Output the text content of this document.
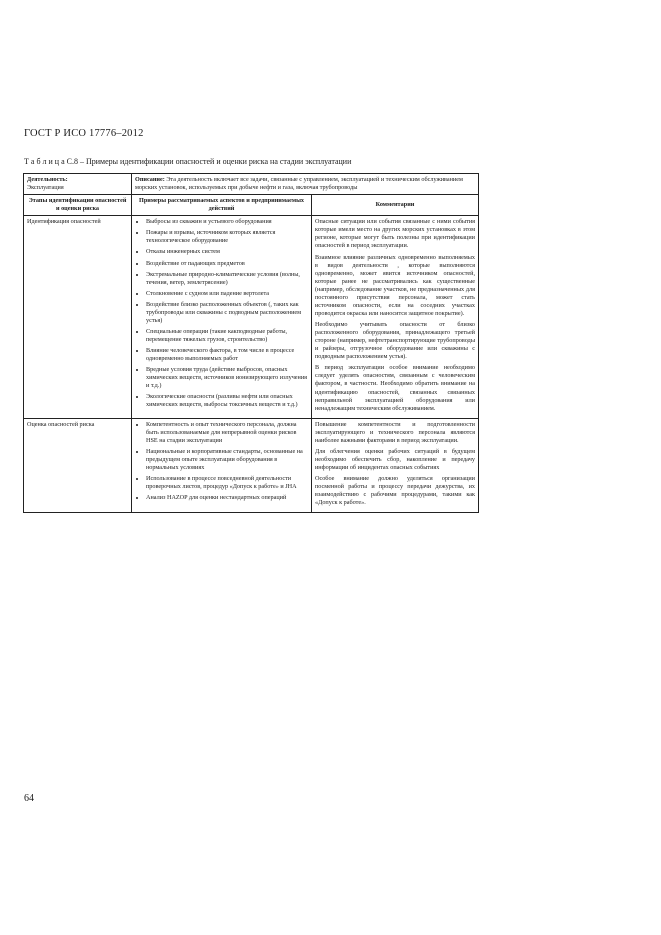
ГОСТ Р ИСО 17776–2012
Т а б л и ц а С.8 – Примеры идентификации опасностей и оценки риска на стадии эксплуатации
Деятельность:
Эксплуатация
Описание: Эта деятельность включает все задачи, связанные с управлением, эксплуатацией и техническим обслуживанием морских установок, используемых при добыче нефти и газа, включая трубопроводы
Этапы идентификации опасностей и оценки риска
Примеры рассматриваемых аспектов и предпринимаемых действий
Комментарии
Идентификация опасностей	• Выбросы из скважин и устьевого оборудования
• Пожары и взрывы, источником которых является технологическое оборудование
• Отказы инженерных систем
• Воздействие от падающих предметов
• Экстремальные природно-климатические условия (волны, течения, ветер, землетрясение)
• Столкновение с судном или падение вертолета
• Воздействие близко расположенных объектов (, таких как трубопроводы или скважины с подводным расположением устья)
• Специальные операции (такие какподводные работы, перемещение тяжелых грузов, строительство)
• Влияние человеческого фактора, в том числе в процессе одновременно выполняемых работ
• Вредные условия труда (действие выбросов, опасных химических веществ, источников ионизирующего излучения и т.д.)
• Экологические опасности (разливы нефти или опасных химических веществ, выбросы токсичных веществ и т.д.)

Опасные ситуации или события связанные с ними события которые имели место на других морских установках в этом регионе, которые могут быть полезны при идентификации опасностей в период эксплуатации.

Взаимное влияние различных одновременно выполняемых в видов деятельности , которые выполняются одновременно, может явится источником опасностей, которые ранее не рассматривались как существенные (например, обследование участков, не предназначенных для постоянного присутствия персонала, может стать источником опасности, если на соседних участках проводится окраска или наносится защитное покрытие).

Необходимо учитывать опасности от близко расположенного оборудования, принадлежащего третьей стороне (например, нефтетранспортирующие трубопроводы и райзеры, отгрузочное оборудование или скважины с подводным расположением устья).

В период эксплуатации особое внимание необходимо следует уделять опасностям, связанным с человеческим фактором, в частности. Необходимо обратить внимание на идентификацию опасностей, связанных связанных неправильной эксплуатацией оборудования или ненадлежащим техническим обслуживанием.

Оценка опасностей риска	• Компетентность и опыт технического персонала, должна быть использованаемые для непрерывной оценки рисков HSE на стадии эксплуатации
• Национальные и корпоративные стандарты, основанные на предыдущем опыте эксплуатации оборудования в нормальных условиях
• Использование в процессе повседневной деятельности проверочных листов, процедур «Допуск к работе» и JHA
• Анализ HAZOP для оценки нестандартных операций

Повышение компетентности и подготовленности эксплуатирующего и технического персонала являются наиболее важными факторами в период эксплуатации.

Для облегчения оценки рабочих ситуаций в будущем необходимо обеспечить сбор, накопление и передачу информации об инцидентах опасных событиях

Особое внимание должно уделяться организации посменной работы и процессу передачи дежурства, их взаимодействию с рабочими процедурами, такими как «Допуск к работе».

64
